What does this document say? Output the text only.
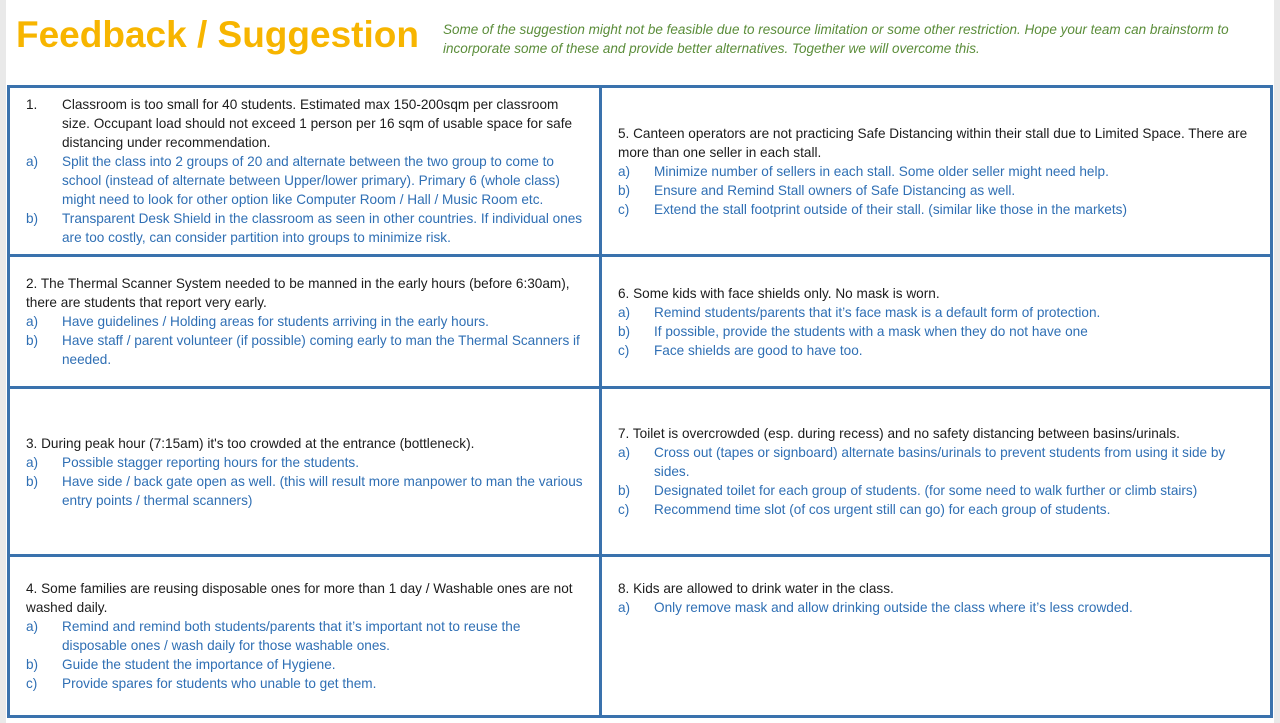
Feedback / Suggestion Some of the suggestion might not be feasible due to resource limitation or some other restriction. Hope your team can brainstorm to incorporate some of these and provide better alternatives. Together we will overcome this.
1.	Classroom is too small for 40 students. Estimated max 150-200sqm per classroom size. Occupant load should not exceed 1 person per 16 sqm of usable space for safe distancing under recommendation.
a)	Split the class into 2 groups of 20 and alternate between the two group to come to school (instead of alternate between Upper/lower primary). Primary 6 (whole class) might need to look for other option like Computer Room / Hall / Music Room etc.
b)	Transparent Desk Shield in the classroom as seen in other countries. If individual ones are too costly, can consider partition into groups to minimize risk.
5. Canteen operators are not practicing Safe Distancing within their stall due to Limited Space. There are more than one seller in each stall.
a)	Minimize number of sellers in each stall. Some older seller might need help.
b)	Ensure and Remind Stall owners of Safe Distancing as well.
c)	Extend the stall footprint outside of their stall. (similar like those in the markets)
2. The Thermal Scanner System needed to be manned in the early hours (before 6:30am), there are students that report very early.
a)	Have guidelines / Holding areas for students arriving in the early hours.
b)	Have staff / parent volunteer (if possible) coming early to man the Thermal Scanners if needed.
6. Some kids with face shields only. No mask is worn.
a)	Remind students/parents that it’s face mask is a default form of protection.
b)	If possible, provide the students with a mask when they do not have one
c)	Face shields are good to have too.
3. During peak hour (7:15am) it's too crowded at the entrance (bottleneck).
a)	Possible stagger reporting hours for the students.
b)	Have side / back gate open as well. (this will result more manpower to man the various entry points / thermal scanners)
7. Toilet is overcrowded (esp. during recess) and no safety distancing between basins/urinals.
a)	Cross out (tapes or signboard) alternate basins/urinals to prevent students from using it side by sides.
b)	Designated toilet for each group of students. (for some need to walk further or climb stairs)
c)	Recommend time slot (of cos urgent still can go) for each group of students.
4. Some families are reusing disposable ones for more than 1 day / Washable ones are not washed daily.
a)	Remind and remind both students/parents that it’s important not to reuse the disposable ones / wash daily for those washable ones.
b)	Guide the student the importance of Hygiene.
c)	Provide spares for students who unable to get them.
8. Kids are allowed to drink water in the class.
a)	Only remove mask and allow drinking outside the class where it’s less crowded.
